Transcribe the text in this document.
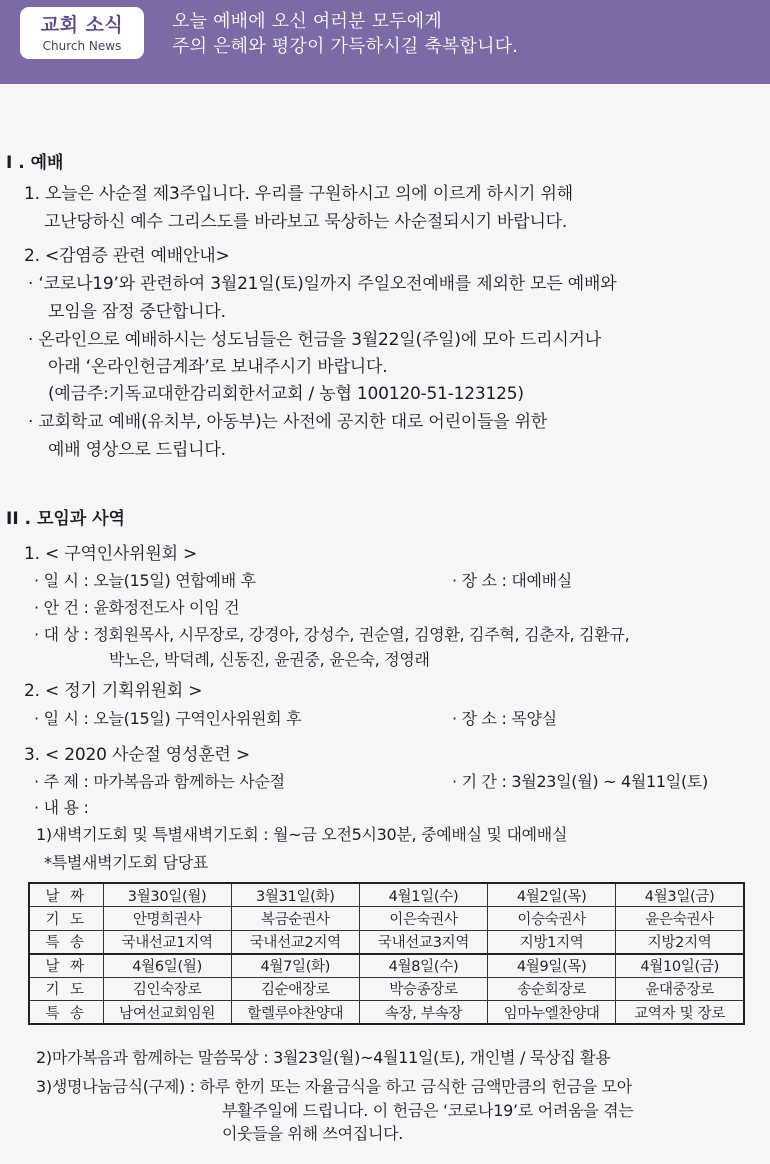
교회 소식
Church News
오늘 예배에 오신 여러분 모두에게
주의 은혜와 평강이 가득하시길 축복합니다.
I . 예배
1. 오늘은 사순절 제3주입니다. 우리를 구원하시고 의에 이르게 하시기 위해
고난당하신 예수 그리스도를 바라보고 묵상하는 사순절되시기 바랍니다.
2. <감염증 관련 예배안내>
· ‘코로나19’와 관련하여 3월21일(토)일까지 주일오전예배를 제외한 모든 예배와
모임을 잠정 중단합니다.
· 온라인으로 예배하시는 성도님들은 헌금을 3월22일(주일)에 모아 드리시거나
아래 ‘온라인헌금계좌’로 보내주시기 바랍니다.
(예금주:기독교대한감리회한서교회 / 농협 100120-51-123125)
· 교회학교 예배(유치부, 아동부)는 사전에 공지한 대로 어린이들을 위한
예배 영상으로 드립니다.
II . 모임과 사역
1. < 구역인사위원회 >
· 일 시 : 오늘(15일) 연합예배 후	· 장 소 : 대예배실
· 안 건 : 윤화정전도사 이임 건
· 대 상 : 정회원목사, 시무장로, 강경아, 강성수, 권순열, 김영환, 김주혁, 김춘자, 김환규,
박노은, 박덕례, 신동진, 윤권중, 윤은숙, 정영래
2. < 정기 기획위원회 >
· 일 시 : 오늘(15일) 구역인사위원회 후	· 장 소 : 목양실
3. < 2020 사순절 영성훈련 >
· 주 제 : 마가복음과 함께하는 사순절	· 기 간 : 3월23일(월) ~ 4월11일(토)
· 내 용 :
1)새벽기도회 및 특별새벽기도회 : 월~금 오전5시30분, 중예배실 및 대예배실
*특별새벽기도회 담당표
날 짜	3월30일(월)	3월31일(화)	4월1일(수)	4월2일(목)	4월3일(금)
기 도	안명희권사	복금순권사	이은숙권사	이승숙권사	윤은숙권사
특 송	국내선교1지역	국내선교2지역	국내선교3지역	지방1지역	지방2지역
날 짜	4월6일(월)	4월7일(화)	4월8일(수)	4월9일(목)	4월10일(금)
기 도	김인숙장로	김순애장로	박승종장로	송순회장로	윤대중장로
특 송	남여선교회임원	할렐루야찬양대	속장, 부속장	임마누엘찬양대	교역자 및 장로
2)마가복음과 함께하는 말씀묵상 : 3월23일(월)~4월11일(토), 개인별 / 묵상집 활용
3)생명나눔금식(구제) : 하루 한끼 또는 자율금식을 하고 금식한 금액만큼의 헌금을 모아
부활주일에 드립니다. 이 헌금은 ‘코로나19’로 어려움을 겪는
이웃들을 위해 쓰여집니다.
